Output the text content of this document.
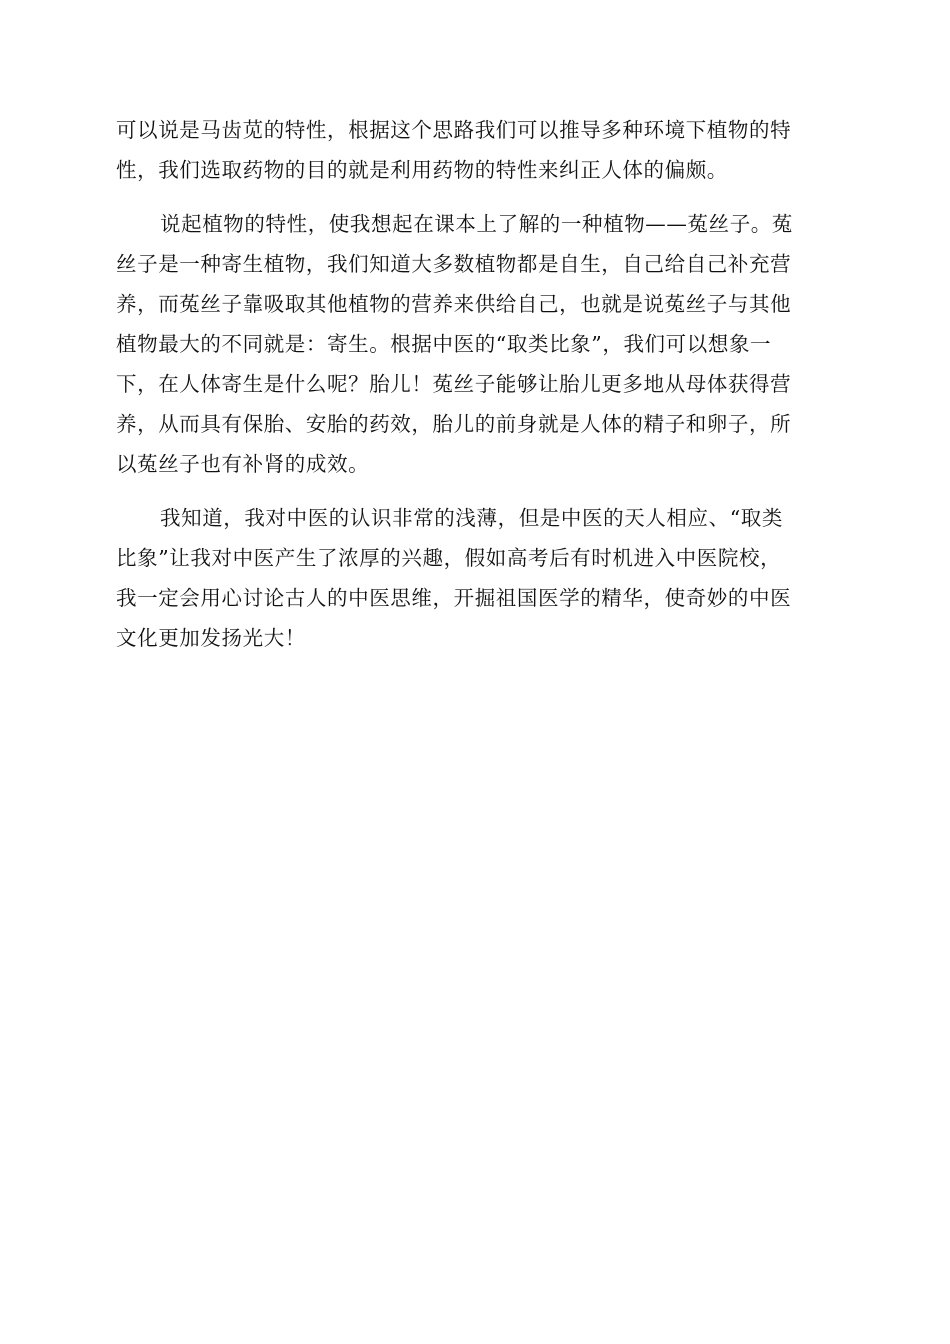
可以说是马齿苋的特性，根据这个思路我们可以推导多种环境下植物的特
性，我们选取药物的目的就是利用药物的特性来纠正人体的偏颇。

说起植物的特性，使我想起在课本上了解的一种植物——菟丝子。菟
丝子是一种寄生植物，我们知道大多数植物都是自生，自己给自己补充营
养，而菟丝子靠吸取其他植物的营养来供给自己，也就是说菟丝子与其他
植物最大的不同就是：寄生。根据中医的“取类比象”，我们可以想象一
下，在人体寄生是什么呢？胎儿！菟丝子能够让胎儿更多地从母体获得营
养，从而具有保胎、安胎的药效，胎儿的前身就是人体的精子和卵子，所
以菟丝子也有补肾的成效。

我知道，我对中医的认识非常的浅薄，但是中医的天人相应、“取类
比象”让我对中医产生了浓厚的兴趣，假如高考后有时机进入中医院校，
我一定会用心讨论古人的中医思维，开掘祖国医学的精华，使奇妙的中医
文化更加发扬光大！
